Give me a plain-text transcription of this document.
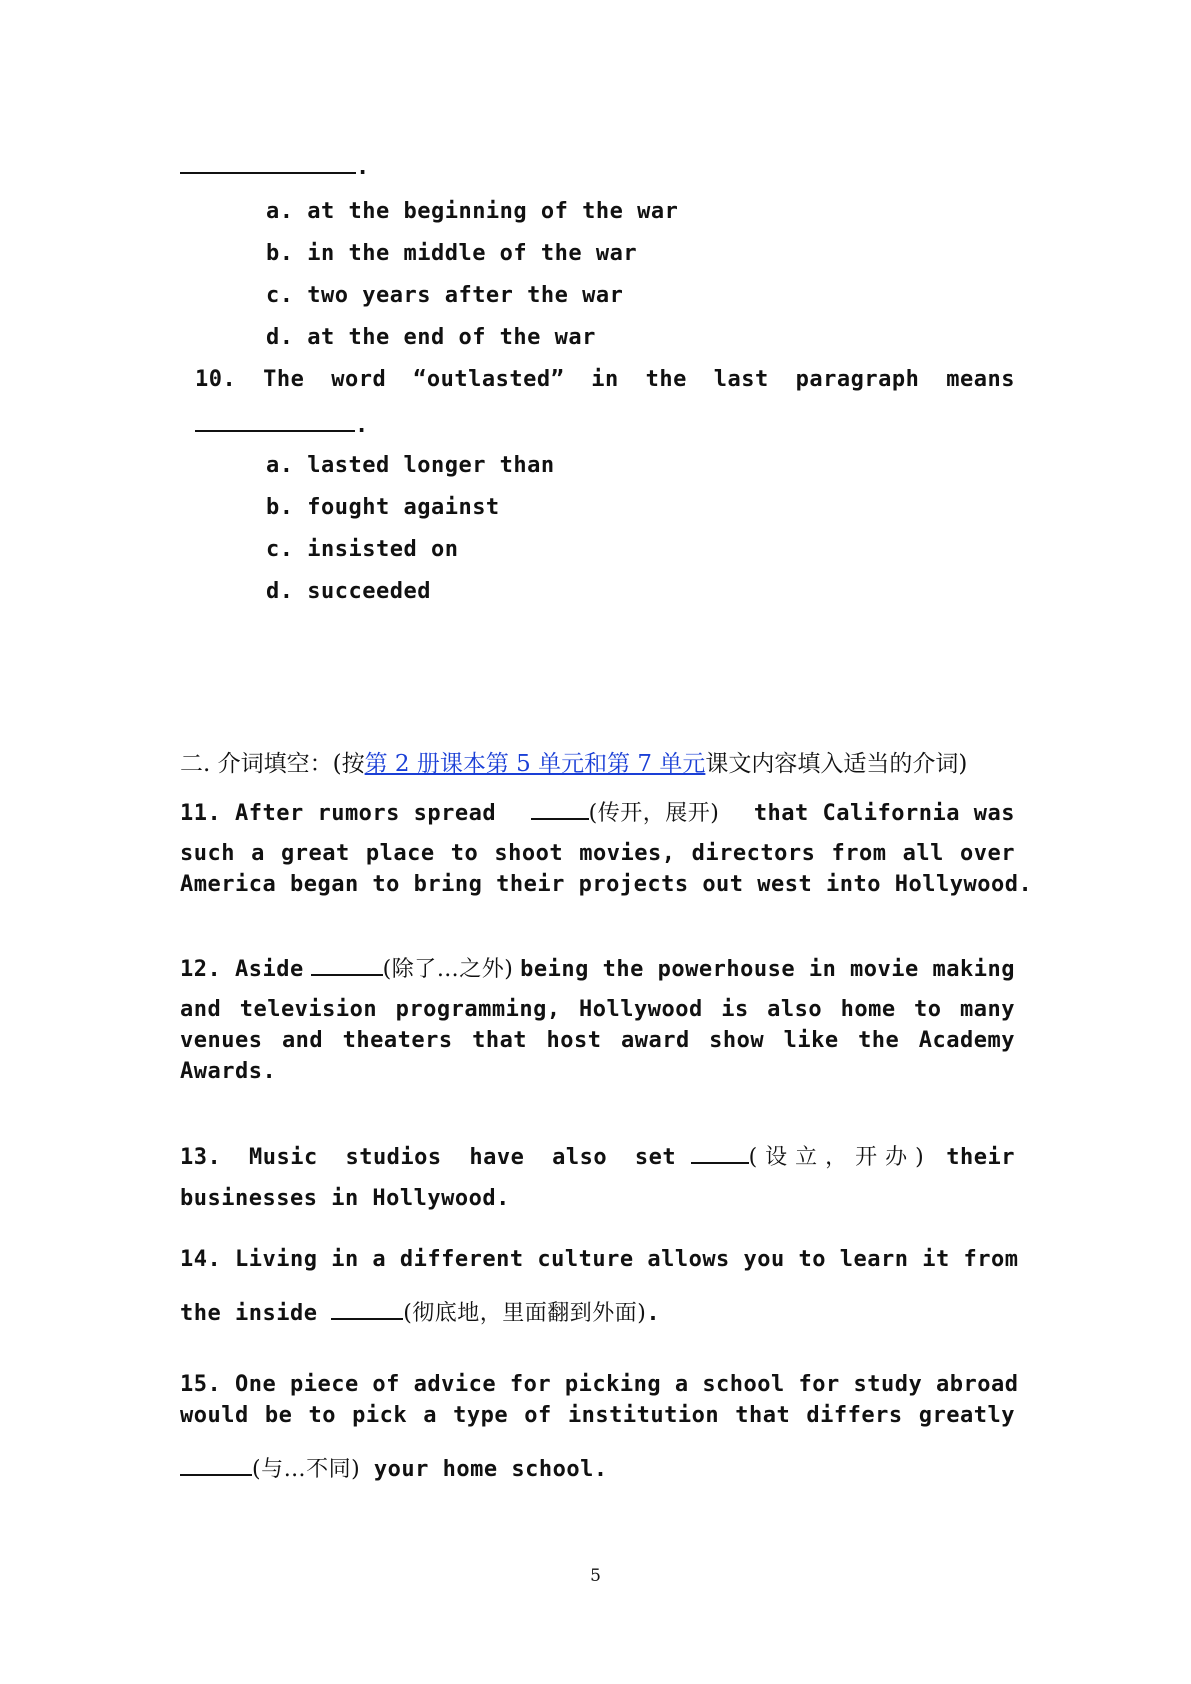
.
a. at the beginning of the war
b. in the middle of the war
c. two years after the war
d. at the end of the war
10. The word “outlasted” in the last paragraph means
.
a. lasted longer than
b. fought against
c. insisted on
d. succeeded
二. 介词填空：(按第 2 册课本第 5 单元和第 7 单元课文内容填入适当的介词)
11. After rumors spread	(传开，展开) that California was
such a great place to shoot movies, directors from all over
America began to bring their projects out west into Hollywood.
12. Aside	(除了…之外) being the powerhouse in movie making
and television programming, Hollywood is also home to many
venues and theaters that host award show like the Academy
Awards.
13. Music studios have also set	(设立，开办) their
businesses in Hollywood.
14. Living in a different culture allows you to learn it from
the inside	(彻底地，里面翻到外面).
15. One piece of advice for picking a school for study abroad
would be to pick a type of institution that differs greatly
(与…不同) your home school.
5
